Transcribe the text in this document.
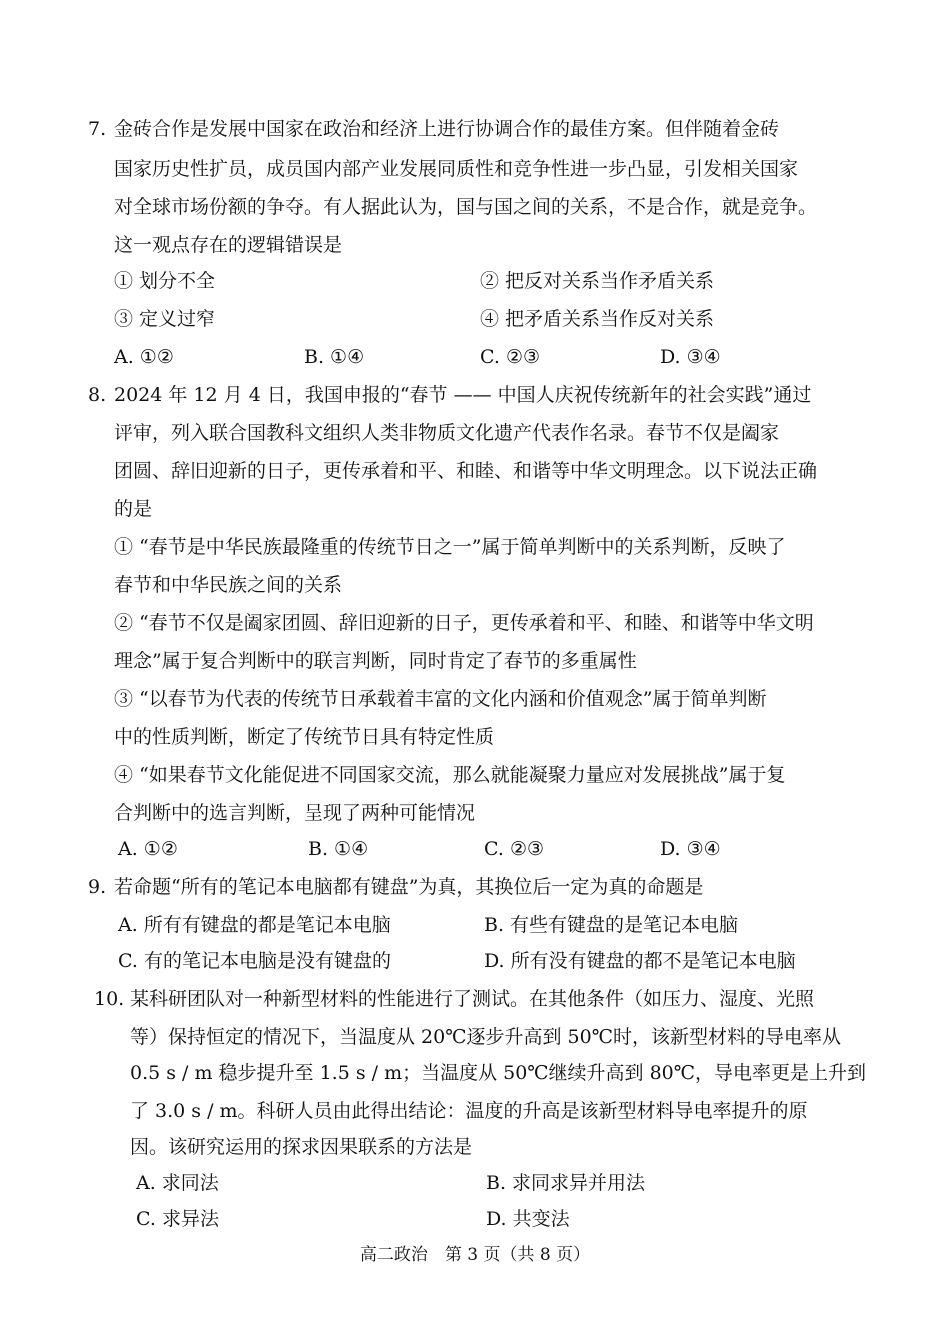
7. 金砖合作是发展中国家在政治和经济上进行协调合作的最佳方案。但伴随着金砖
国家历史性扩员，成员国内部产业发展同质性和竞争性进一步凸显，引发相关国家
对全球市场份额的争夺。有人据此认为，国与国之间的关系，不是合作，就是竞争。
这一观点存在的逻辑错误是
① 划分不全	② 把反对关系当作矛盾关系
③ 定义过窄	④ 把矛盾关系当作反对关系
A. ①②	B. ①④	C. ②③	D. ③④
8. 2024 年 12 月 4 日，我国申报的“春节 —— 中国人庆祝传统新年的社会实践”通过
评审，列入联合国教科文组织人类非物质文化遗产代表作名录。春节不仅是阖家
团圆、辞旧迎新的日子，更传承着和平、和睦、和谐等中华文明理念。以下说法正确
的是
① “春节是中华民族最隆重的传统节日之一”属于简单判断中的关系判断，反映了
春节和中华民族之间的关系
② “春节不仅是阖家团圆、辞旧迎新的日子，更传承着和平、和睦、和谐等中华文明
理念”属于复合判断中的联言判断，同时肯定了春节的多重属性
③ “以春节为代表的传统节日承载着丰富的文化内涵和价值观念”属于简单判断
中的性质判断，断定了传统节日具有特定性质
④ “如果春节文化能促进不同国家交流，那么就能凝聚力量应对发展挑战”属于复
合判断中的选言判断，呈现了两种可能情况
A. ①②	B. ①④	C. ②③	D. ③④
9. 若命题“所有的笔记本电脑都有键盘”为真，其换位后一定为真的命题是
A. 所有有键盘的都是笔记本电脑	B. 有些有键盘的是笔记本电脑
C. 有的笔记本电脑是没有键盘的	D. 所有没有键盘的都不是笔记本电脑
10. 某科研团队对一种新型材料的性能进行了测试。在其他条件（如压力、湿度、光照
等）保持恒定的情况下，当温度从 20℃逐步升高到 50℃时，该新型材料的导电率从
0.5 s / m 稳步提升至 1.5 s / m；当温度从 50℃继续升高到 80℃，导电率更是上升到
了 3.0 s / m。科研人员由此得出结论：温度的升高是该新型材料导电率提升的原
因。该研究运用的探求因果联系的方法是
A. 求同法	B. 求同求异并用法
C. 求异法	D. 共变法
高二政治　第 3 页（共 8 页）
